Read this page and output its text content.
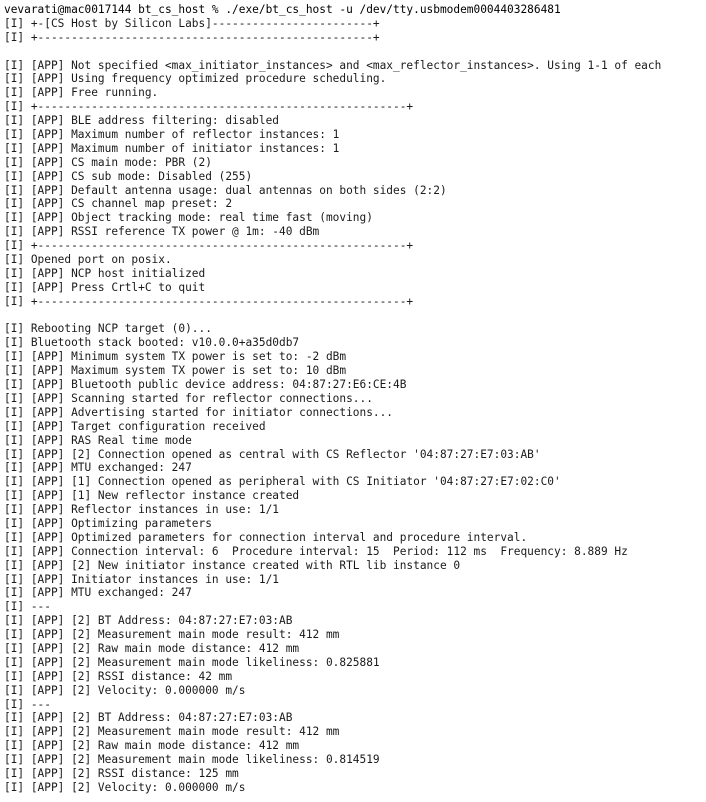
vevarati@mac0017144 bt_cs_host % ./exe/bt_cs_host -u /dev/tty.usbmodem0004403286481
[I] +-[CS Host by Silicon Labs]------------------------+
[I] +--------------------------------------------------+
[I] [APP] Not specified <max_initiator_instances> and <max_reflector_instances>. Using 1-1 of each
[I] [APP] Using frequency optimized procedure scheduling.
[I] [APP] Free running.
[I] +-------------------------------------------------------+
[I] [APP] BLE address filtering: disabled
[I] [APP] Maximum number of reflector instances: 1
[I] [APP] Maximum number of initiator instances: 1
[I] [APP] CS main mode: PBR (2)
[I] [APP] CS sub mode: Disabled (255)
[I] [APP] Default antenna usage: dual antennas on both sides (2:2)
[I] [APP] CS channel map preset: 2
[I] [APP] Object tracking mode: real time fast (moving)
[I] [APP] RSSI reference TX power @ 1m: -40 dBm
[I] +-------------------------------------------------------+
[I] Opened port on posix.
[I] [APP] NCP host initialized
[I] [APP] Press Crtl+C to quit
[I] +-------------------------------------------------------+
[I] Rebooting NCP target (0)...
[I] Bluetooth stack booted: v10.0.0+a35d0db7
[I] [APP] Minimum system TX power is set to: -2 dBm
[I] [APP] Maximum system TX power is set to: 10 dBm
[I] [APP] Bluetooth public device address: 04:87:27:E6:CE:4B
[I] [APP] Scanning started for reflector connections...
[I] [APP] Advertising started for initiator connections...
[I] [APP] Target configuration received
[I] [APP] RAS Real time mode
[I] [APP] [2] Connection opened as central with CS Reflector '04:87:27:E7:03:AB'
[I] [APP] MTU exchanged: 247
[I] [APP] [1] Connection opened as peripheral with CS Initiator '04:87:27:E7:02:C0'
[I] [APP] [1] New reflector instance created
[I] [APP] Reflector instances in use: 1/1
[I] [APP] Optimizing parameters
[I] [APP] Optimized parameters for connection interval and procedure interval.
[I] [APP] Connection interval: 6  Procedure interval: 15  Period: 112 ms  Frequency: 8.889 Hz
[I] [APP] [2] New initiator instance created with RTL lib instance 0
[I] [APP] Initiator instances in use: 1/1
[I] [APP] MTU exchanged: 247
[I] ---
[I] [APP] [2] BT Address: 04:87:27:E7:03:AB
[I] [APP] [2] Measurement main mode result: 412 mm
[I] [APP] [2] Raw main mode distance: 412 mm
[I] [APP] [2] Measurement main mode likeliness: 0.825881
[I] [APP] [2] RSSI distance: 42 mm
[I] [APP] [2] Velocity: 0.000000 m/s
[I] ---
[I] [APP] [2] BT Address: 04:87:27:E7:03:AB
[I] [APP] [2] Measurement main mode result: 412 mm
[I] [APP] [2] Raw main mode distance: 412 mm
[I] [APP] [2] Measurement main mode likeliness: 0.814519
[I] [APP] [2] RSSI distance: 125 mm
[I] [APP] [2] Velocity: 0.000000 m/s
